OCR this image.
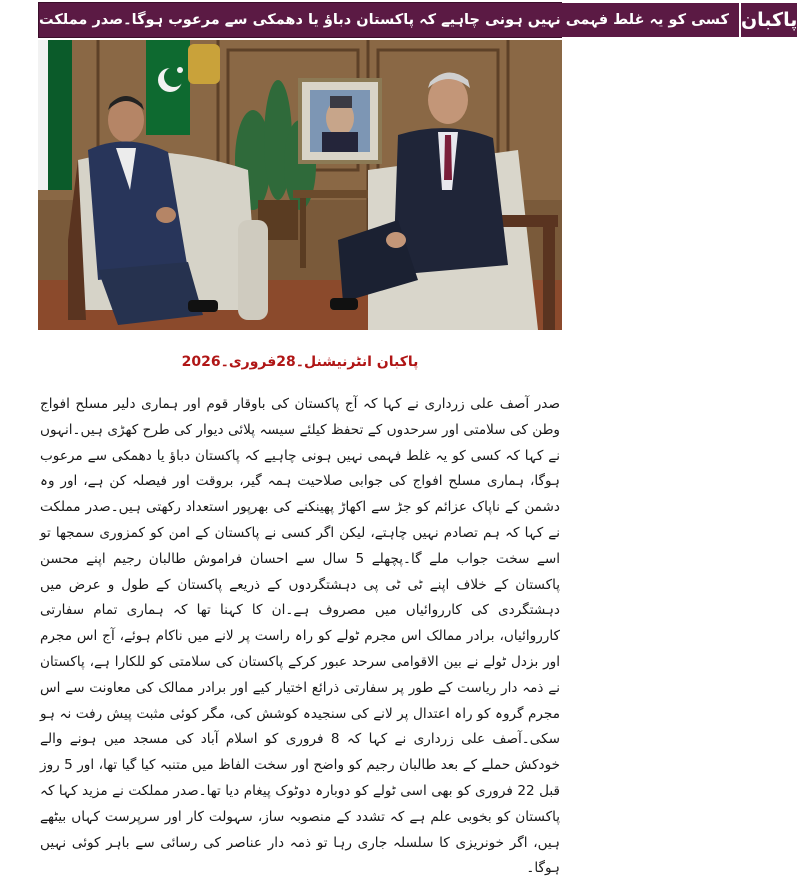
کسی کو یہ غلط فہمی نہیں ہونی چاہیے کہ پاکستان دباؤ یا دھمکی سے مرعوب ہوگا۔صدر مملکت پاکبان
پاکبان انٹرنیشنل۔28فروری۔2026
صدر آصف علی زرداری نے کہا کہ آج پاکستان کی باوقار قوم اور ہماری دلیر مسلح افواج وطن کی سلامتی اور سرحدوں کے تحفظ کیلئے سیسہ پلائی دیوار کی طرح کھڑی ہیں۔انہوں نے کہا کہ کسی کو یہ غلط فہمی نہیں ہونی چاہیے کہ پاکستان دباؤ یا دھمکی سے مرعوب ہوگا، ہماری مسلح افواج کی جوابی صلاحیت ہمہ گیر، بروقت اور فیصلہ کن ہے، اور وہ دشمن کے ناپاک عزائم کو جڑ سے اکھاڑ پھینکنے کی بھرپور استعداد رکھتی ہیں۔صدر مملکت نے کہا کہ ہم تصادم نہیں چاہتے، لیکن اگر کسی نے پاکستان کے امن کو کمزوری سمجھا تو اسے سخت جواب ملے گا۔پچھلے 5 سال سے احسان فراموش طالبان رجیم اپنے محسن پاکستان کے خلاف اپنے ٹی ٹی پی دہشتگردوں کے ذریعے پاکستان کے طول و عرض میں دہشتگردی کی کارروائیاں میں مصروف ہے۔ان کا کہنا تھا کہ ہماری تمام سفارتی کارروائیاں، برادر ممالک اس مجرم ٹولے کو راہ راست پر لانے میں ناکام ہوئے، آج اس مجرم اور بزدل ٹولے نے بین الاقوامی سرحد عبور کرکے پاکستان کی سلامتی کو للکارا ہے، پاکستان نے ذمہ دار ریاست کے طور پر سفارتی ذرائع اختیار کیے اور برادر ممالک کی معاونت سے اس مجرم گروہ کو راہ اعتدال پر لانے کی سنجیدہ کوشش کی، مگر کوئی مثبت پیش رفت نہ ہو سکی۔آصف علی زرداری نے کہا کہ 8 فروری کو اسلام آباد کی مسجد میں ہونے والے خودکش حملے کے بعد طالبان رجیم کو واضح اور سخت الفاظ میں متنبہ کیا گیا تھا، اور 5 روز قبل 22 فروری کو بھی اسی ٹولے کو دوبارہ دوٹوک پیغام دیا تھا۔صدر مملکت نے مزید کہا کہ پاکستان کو بخوبی علم ہے کہ تشدد کے منصوبہ ساز، سہولت کار اور سرپرست کہاں بیٹھے ہیں، اگر خونریزی کا سلسلہ جاری رہا تو ذمہ دار عناصر کی رسائی سے باہر کوئی نہیں ہوگا۔
